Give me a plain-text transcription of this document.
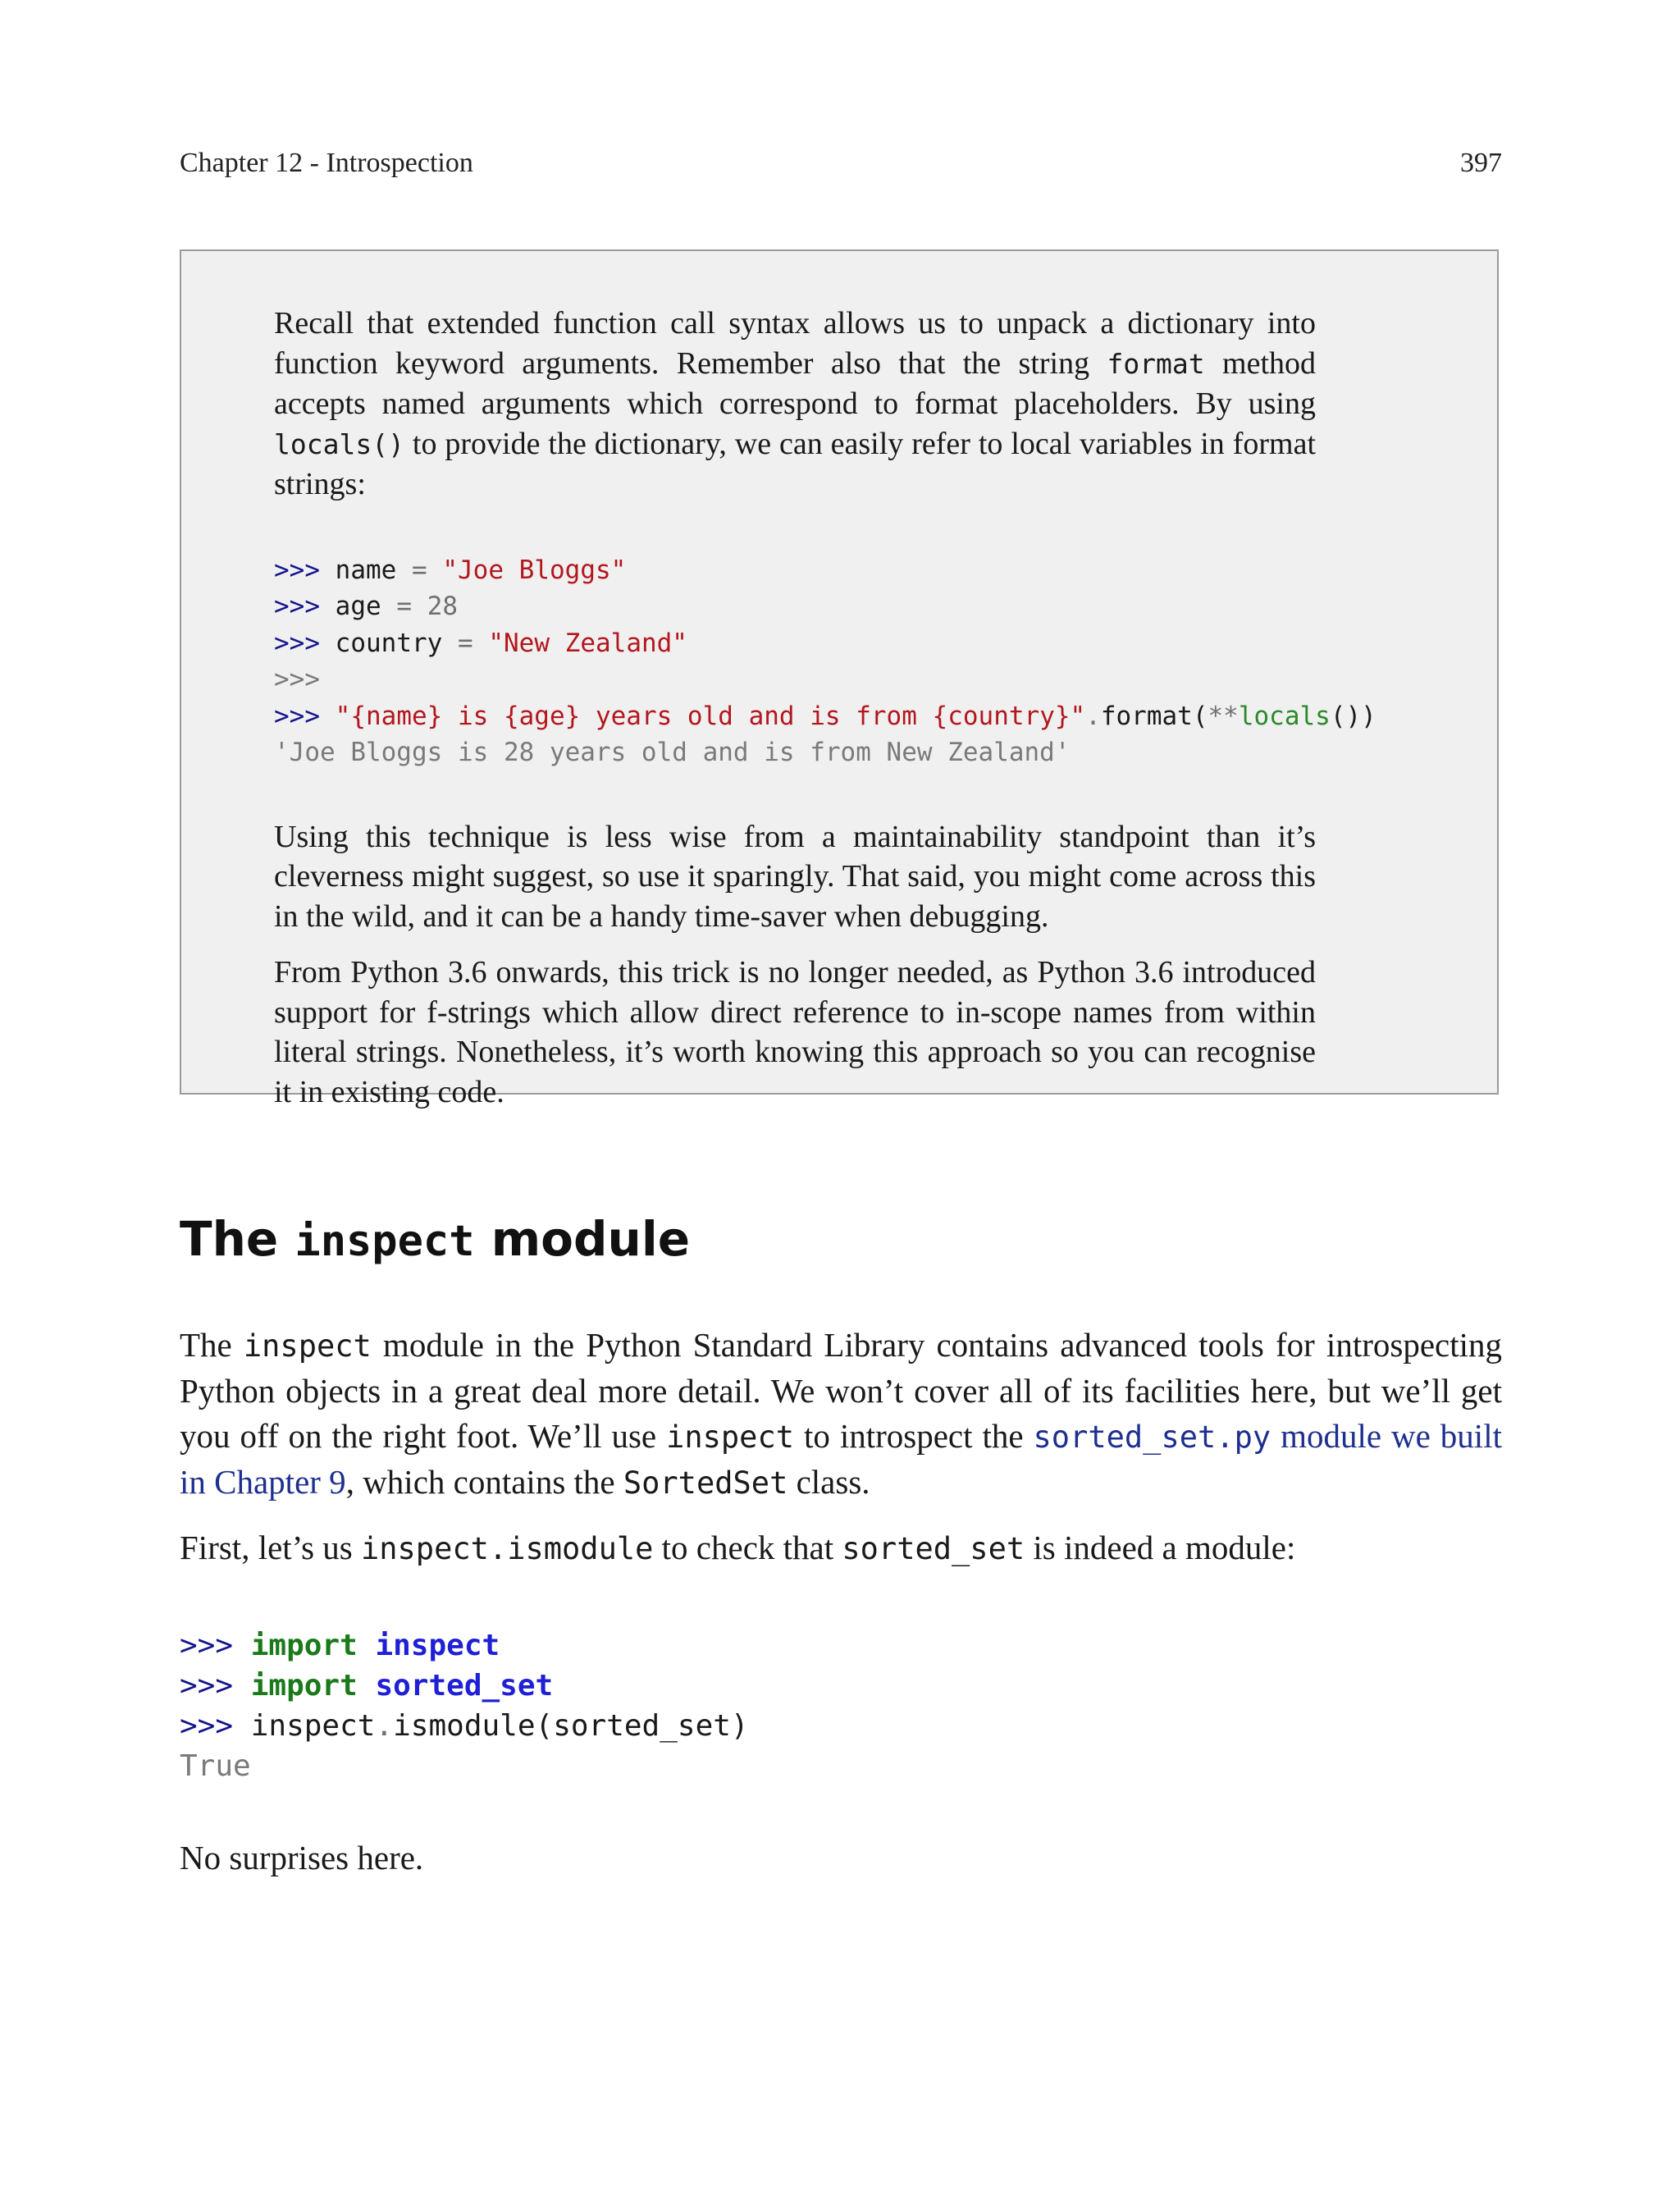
Chapter 12 - Introspection	397

Recall that extended function call syntax allows us to unpack a dictionary into function keyword arguments. Remember also that the string format method accepts named arguments which correspond to format placeholders. By using locals() to provide the dictionary, we can easily refer to local variables in format strings:

>>> name = "Joe Bloggs"
>>> age = 28
>>> country = "New Zealand"
>>>
>>> "{name} is {age} years old and is from {country}".format(**locals())
'Joe Bloggs is 28 years old and is from New Zealand'

Using this technique is less wise from a maintainability standpoint than it’s cleverness might suggest, so use it sparingly. That said, you might come across this in the wild, and it can be a handy time-saver when debugging.

From Python 3.6 onwards, this trick is no longer needed, as Python 3.6 introduced support for f-strings which allow direct reference to in-scope names from within literal strings. Nonetheless, it’s worth knowing this approach so you can recognise it in existing code.

The inspect module

The inspect module in the Python Standard Library contains advanced tools for introspecting Python objects in a great deal more detail. We won’t cover all of its facilities here, but we’ll get you off on the right foot. We’ll use inspect to introspect the sorted_set.py module we built in Chapter 9, which contains the SortedSet class.

First, let’s us inspect.ismodule to check that sorted_set is indeed a module:

>>> import inspect
>>> import sorted_set
>>> inspect.ismodule(sorted_set)
True

No surprises here.
